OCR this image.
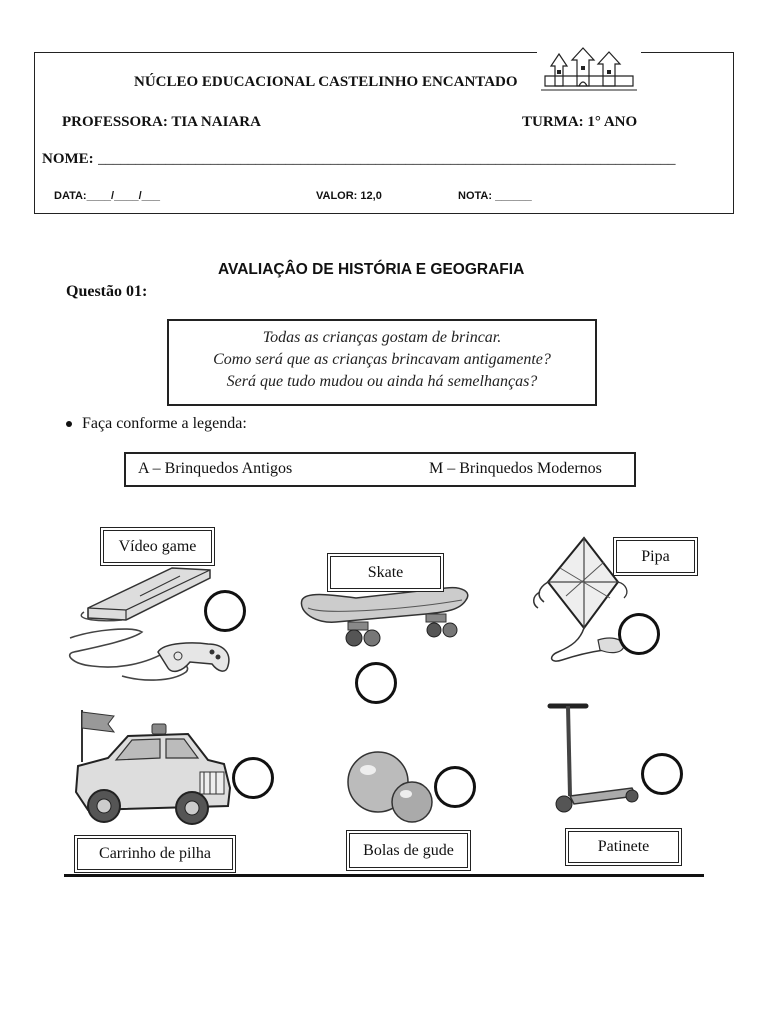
NÚCLEO EDUCACIONAL CASTELINHO ENCANTADO
PROFESSORA: TIA NAIARA	TURMA: 1° ANO
NOME: _____________________________________________________________________________
DATA:____/____/___	VALOR: 12,0	NOTA: ______
AVALIAÇÂO DE HISTÓRIA E GEOGRAFIA
Questão 01:
Todas as crianças gostam de brincar.
Como será que as crianças brincavam antigamente?
Será que tudo mudou ou ainda há semelhanças?
Faça conforme a legenda:
A – Brinquedos Antigos	M – Brinquedos Modernos
Vídeo game
Skate
Pipa
Carrinho de pilha	Bolas de gude	Patinete
